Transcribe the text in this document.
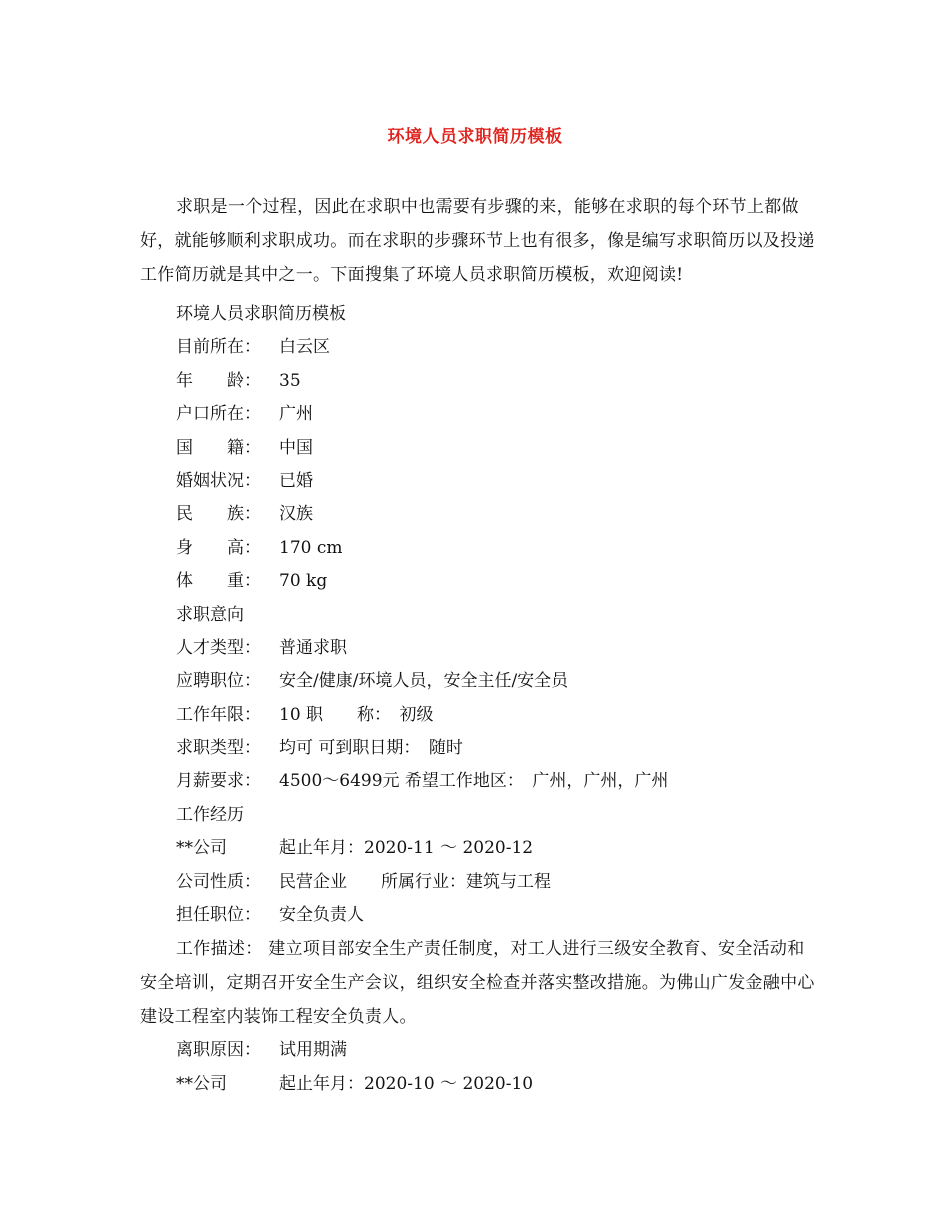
环境人员求职简历模板
求职是一个过程，因此在求职中也需要有步骤的来，能够在求职的每个环节上都做好，就能够顺利求职成功。而在求职的步骤环节上也有很多，像是编写求职简历以及投递工作简历就是其中之一。下面搜集了环境人员求职简历模板，欢迎阅读!
环境人员求职简历模板
目前所在： 白云区
年　　龄： 35
户口所在： 广州
国　　籍： 中国
婚姻状况： 已婚
民　　族： 汉族
身　　高： 170 cm
体　　重： 70 kg
求职意向
人才类型： 普通求职
应聘职位： 安全/健康/环境人员，安全主任/安全员
工作年限： 10 职　　称：　初级
求职类型： 均可 可到职日期：　随时
月薪要求： 4500～6499元 希望工作地区：　广州，广州，广州
工作经历
**公司	起止年月：2020-11 ～ 2020-12
公司性质： 民营企业　　所属行业：建筑与工程
担任职位： 安全负责人
工作描述： 建立项目部安全生产责任制度，对工人进行三级安全教育、安全活动和安全培训，定期召开安全生产会议，组织安全检查并落实整改措施。为佛山广发金融中心建设工程室内装饰工程安全负责人。
离职原因： 试用期满
**公司	起止年月：2020-10 ～ 2020-10
